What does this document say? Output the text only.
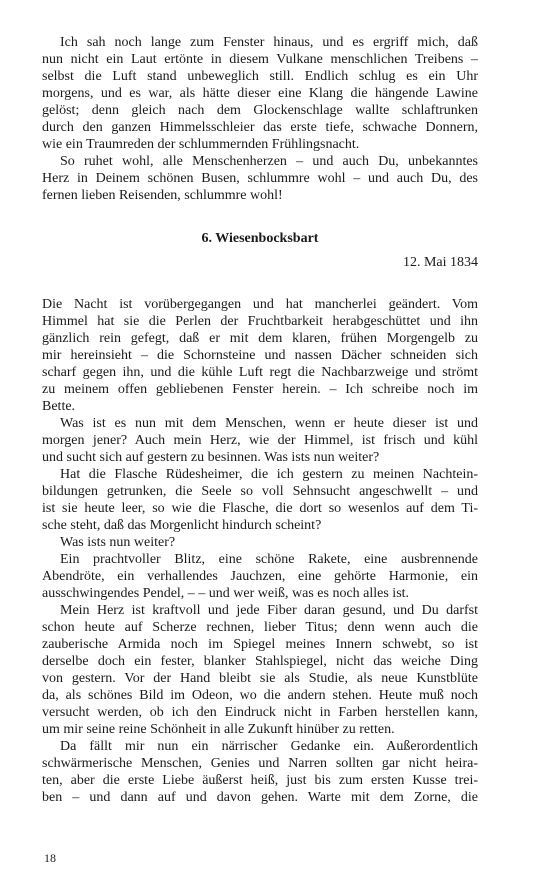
Ich sah noch lange zum Fenster hinaus, und es ergriff mich, daß
nun nicht ein Laut ertönte in diesem Vulkane menschlichen Treibens –
selbst die Luft stand unbeweglich still. Endlich schlug es ein Uhr
morgens, und es war, als hätte dieser eine Klang die hängende Lawine
gelöst; denn gleich nach dem Glockenschlage wallte schlaftrunken
durch den ganzen Himmelsschleier das erste tiefe, schwache Donnern,
wie ein Traumreden der schlummernden Frühlingsnacht.
So ruhet wohl, alle Menschenherzen – und auch Du, unbekanntes
Herz in Deinem schönen Busen, schlummre wohl – und auch Du, des
fernen lieben Reisenden, schlummre wohl!
6. Wiesenbocksbart
12. Mai 1834
Die Nacht ist vorübergegangen und hat mancherlei geändert. Vom
Himmel hat sie die Perlen der Fruchtbarkeit herabgeschüttet und ihn
gänzlich rein gefegt, daß er mit dem klaren, frühen Morgengelb zu
mir hereinsieht – die Schornsteine und nassen Dächer schneiden sich
scharf gegen ihn, und die kühle Luft regt die Nachbarzweige und strömt
zu meinem offen gebliebenen Fenster herein. – Ich schreibe noch im
Bette.
Was ist es nun mit dem Menschen, wenn er heute dieser ist und
morgen jener? Auch mein Herz, wie der Himmel, ist frisch und kühl
und sucht sich auf gestern zu besinnen. Was ists nun weiter?
Hat die Flasche Rüdesheimer, die ich gestern zu meinen Nachtein-
bildungen getrunken, die Seele so voll Sehnsucht angeschwellt – und
ist sie heute leer, so wie die Flasche, die dort so wesenlos auf dem Ti-
sche steht, daß das Morgenlicht hindurch scheint?
Was ists nun weiter?
Ein prachtvoller Blitz, eine schöne Rakete, eine ausbrennende
Abendröte, ein verhallendes Jauchzen, eine gehörte Harmonie, ein
ausschwingendes Pendel, – – und wer weiß, was es noch alles ist.
Mein Herz ist kraftvoll und jede Fiber daran gesund, und Du darfst
schon heute auf Scherze rechnen, lieber Titus; denn wenn auch die
zauberische Armida noch im Spiegel meines Innern schwebt, so ist
derselbe doch ein fester, blanker Stahlspiegel, nicht das weiche Ding
von gestern. Vor der Hand bleibt sie als Studie, als neue Kunstblüte
da, als schönes Bild im Odeon, wo die andern stehen. Heute muß noch
versucht werden, ob ich den Eindruck nicht in Farben herstellen kann,
um mir seine reine Schönheit in alle Zukunft hinüber zu retten.
Da fällt mir nun ein närrischer Gedanke ein. Außerordentlich
schwärmerische Menschen, Genies und Narren sollten gar nicht heira-
ten, aber die erste Liebe äußerst heiß, just bis zum ersten Kusse trei-
ben – und dann auf und davon gehen. Warte mit dem Zorne, die
18
